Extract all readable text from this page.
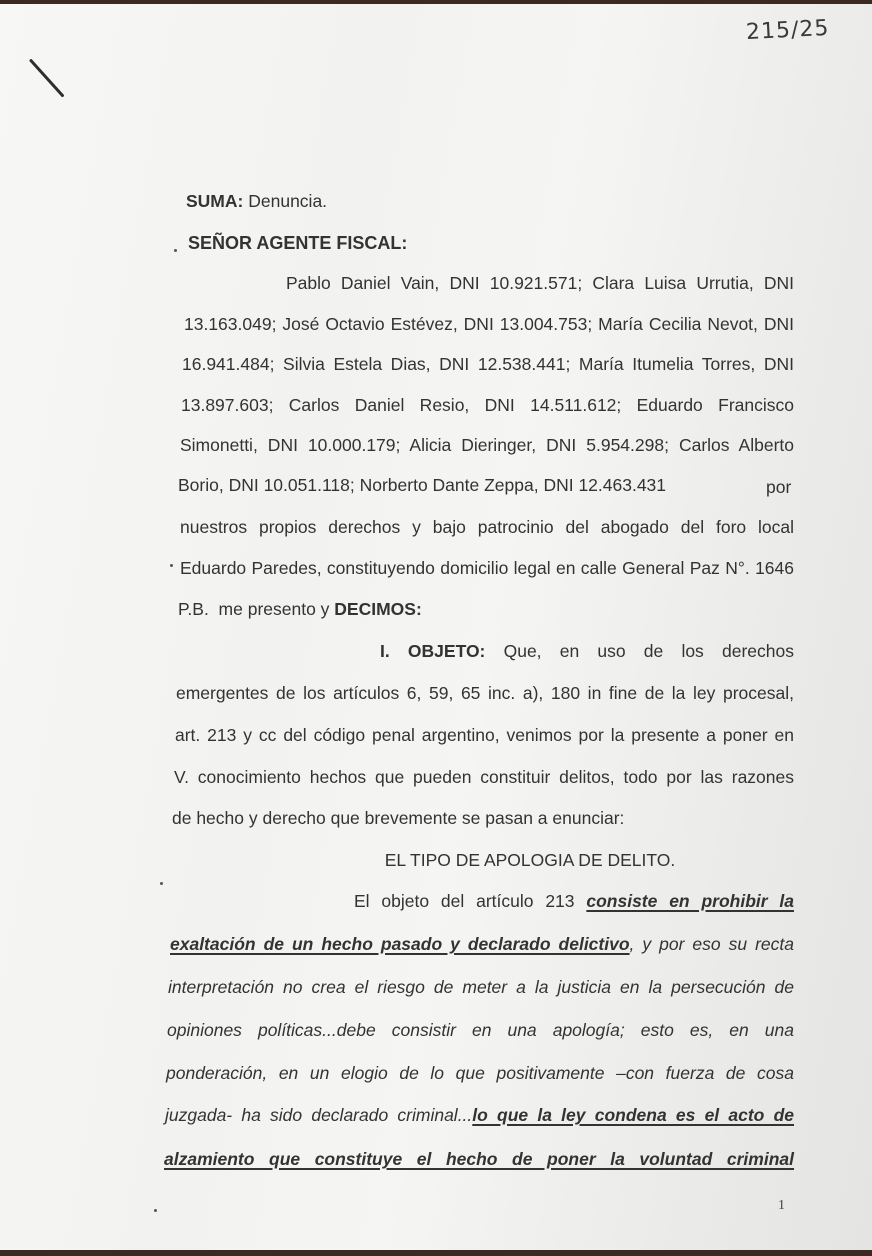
215/25
SUMA: Denuncia.
SEÑOR AGENTE FISCAL:
Pablo Daniel Vain, DNI 10.921.571; Clara Luisa Urrutia, DNI
13.163.049; José Octavio Estévez, DNI 13.004.753; María Cecilia Nevot, DNI
16.941.484; Silvia Estela Dias, DNI 12.538.441; María Itumelia Torres, DNI
13.897.603; Carlos Daniel Resio, DNI 14.511.612; Eduardo Francisco
Simonetti, DNI 10.000.179; Alicia Dieringer, DNI 5.954.298; Carlos Alberto
Borio, DNI 10.051.118; Norberto Dante Zeppa, DNI 12.463.431	por
nuestros propios derechos y bajo patrocinio del abogado del foro local
Eduardo Paredes, constituyendo domicilio legal en calle General Paz N°. 1646
P.B.  me presento y DECIMOS:
I. OBJETO: Que, en uso de los derechos
emergentes de los artículos 6, 59, 65 inc. a), 180 in fine de la ley procesal,
art. 213 y cc del código penal argentino, venimos por la presente a poner en
V. conocimiento hechos que pueden constituir delitos, todo por las razones
de hecho y derecho que brevemente se pasan a enunciar:
EL TIPO DE APOLOGIA DE DELITO.
El objeto del artículo 213 consiste en prohibir la
exaltación de un hecho pasado y declarado delictivo, y por eso su recta
interpretación no crea el riesgo de meter a la justicia en la persecución de
opiniones políticas...debe consistir en una apología; esto es, en una
ponderación, en un elogio de lo que positivamente –con fuerza de cosa
juzgada- ha sido declarado criminal...lo que la ley condena es el acto de
alzamiento que constituye el hecho de poner la voluntad criminal
1
